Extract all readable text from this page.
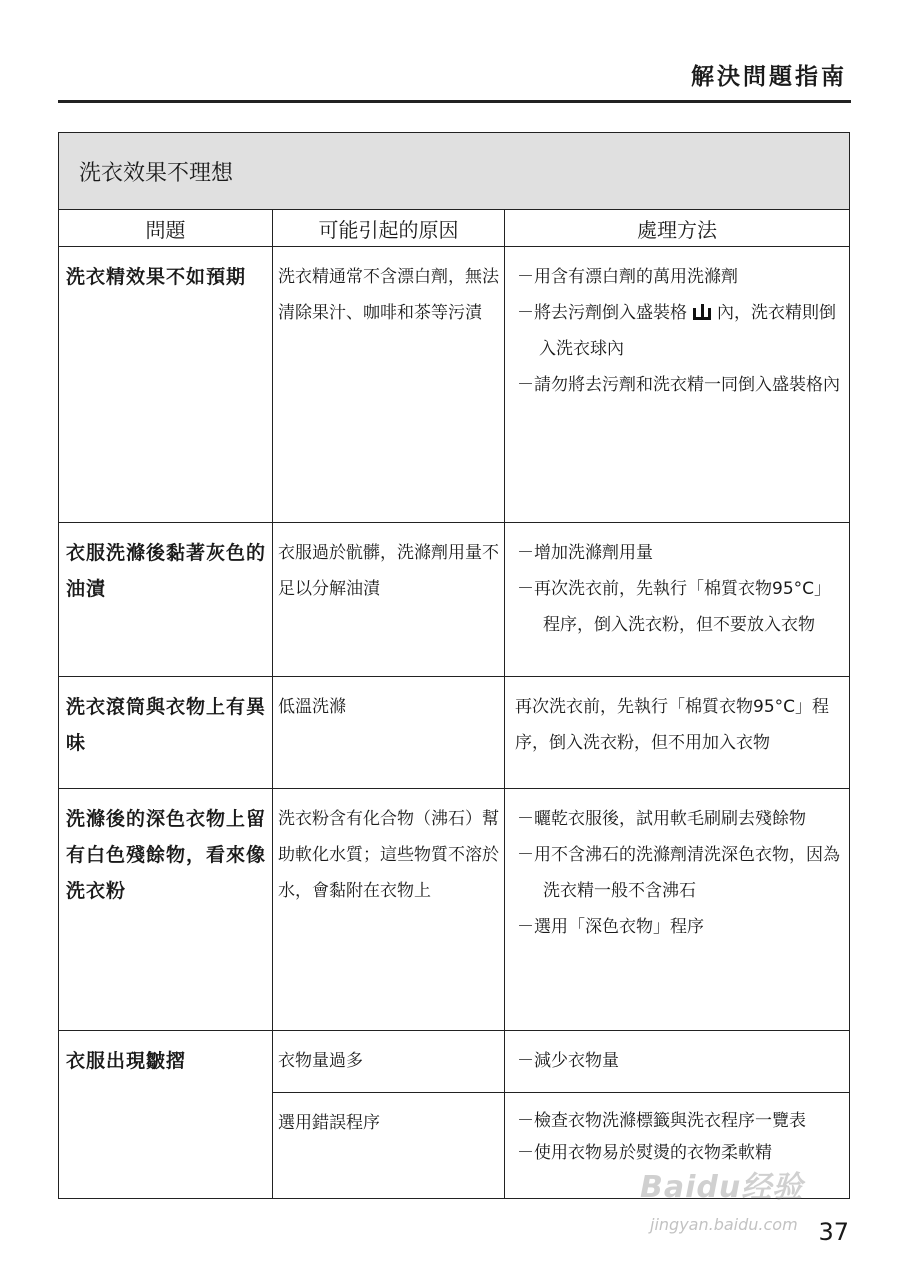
解決問題指南
洗衣效果不理想		
問題	可能引起的原因	處理方法
洗衣精效果不如預期	洗衣精通常不含漂白劑，無法清除果汁、咖啡和茶等污漬	－用含有漂白劑的萬用洗滌劑
－將去污劑倒入盛裝格 內，洗衣精則倒入洗衣球內
－請勿將去污劑和洗衣精一同倒入盛裝格內

衣服洗滌後黏著灰色的油漬	衣服過於骯髒，洗滌劑用量不足以分解油漬	－增加洗滌劑用量
－再次洗衣前，先執行「棉質衣物95°C」程序，倒入洗衣粉，但不要放入衣物

洗衣滾筒與衣物上有異味	低溫洗滌	再次洗衣前，先執行「棉質衣物95°C」程序，倒入洗衣粉，但不用加入衣物
洗滌後的深色衣物上留有白色殘餘物，看來像洗衣粉	洗衣粉含有化合物（沸石）幫助軟化水質；這些物質不溶於水，會黏附在衣物上	－曬乾衣服後，試用軟毛刷刷去殘餘物
－用不含沸石的洗滌劑清洗深色衣物，因為洗衣精一般不含沸石
－選用「深色衣物」程序

衣服出現皺摺	衣物量過多	－減少衣物量

	選用錯誤程序	－檢查衣物洗滌標籤與洗衣程序一覽表
－使用衣物易於熨燙的衣物柔軟精
Baidu经验
jingyan.baidu.com 37
